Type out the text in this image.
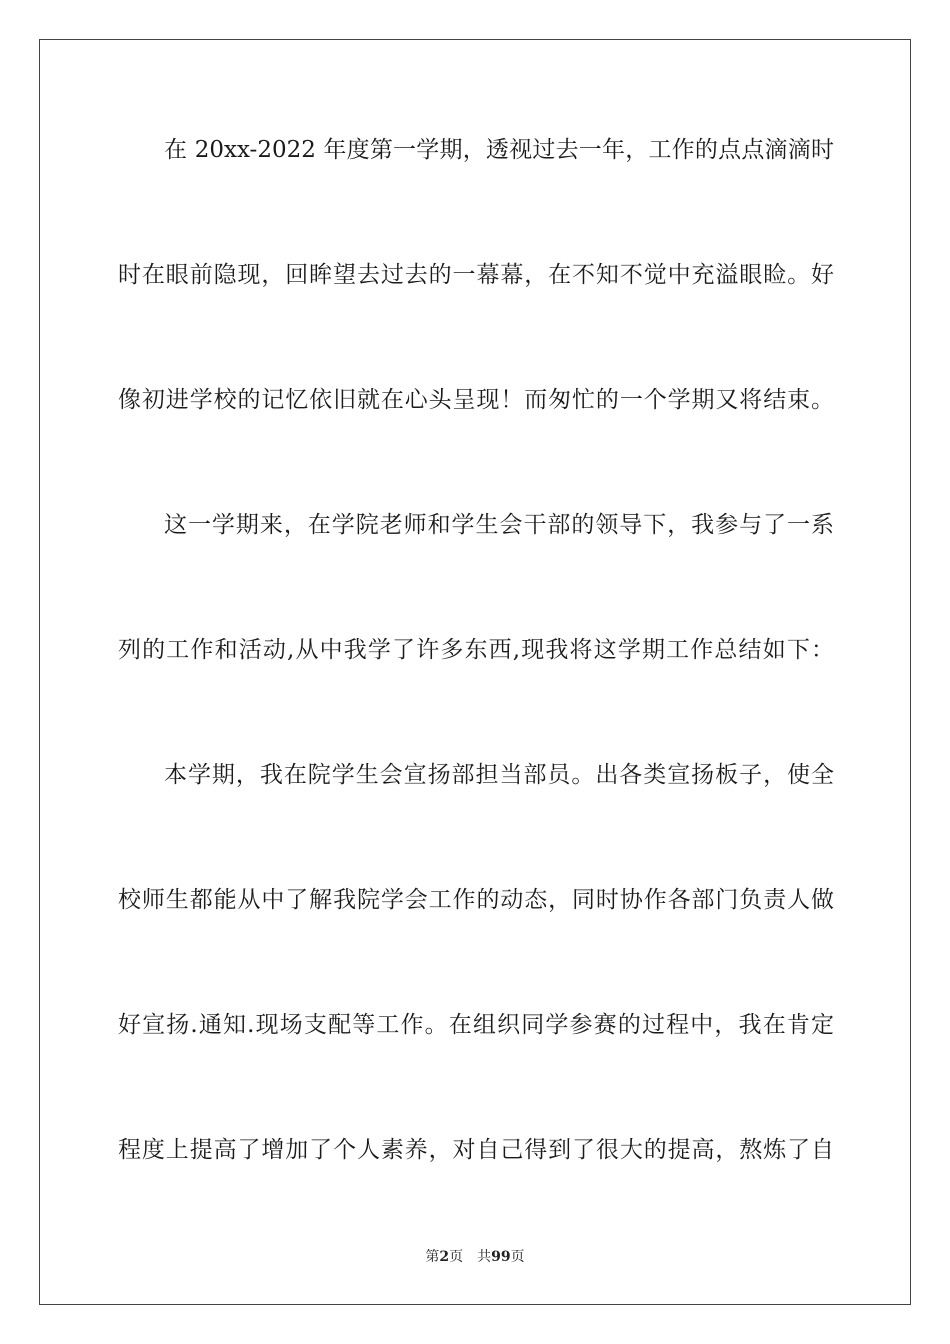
在 20xx-2022 年度第一学期，透视过去一年，工作的点点滴滴时
时在眼前隐现，回眸望去过去的一幕幕，在不知不觉中充溢眼睑。好
像初进学校的记忆依旧就在心头呈现！而匆忙的一个学期又将结束。
这一学期来，在学院老师和学生会干部的领导下，我参与了一系
列的工作和活动,从中我学了许多东西,现我将这学期工作总结如下：
本学期，我在院学生会宣扬部担当部员。出各类宣扬板子，使全
校师生都能从中了解我院学会工作的动态，同时协作各部门负责人做
好宣扬.通知.现场支配等工作。在组织同学参赛的过程中，我在肯定
程度上提高了增加了个人素养，对自己得到了很大的提高，熬炼了自
第2页 共99页
